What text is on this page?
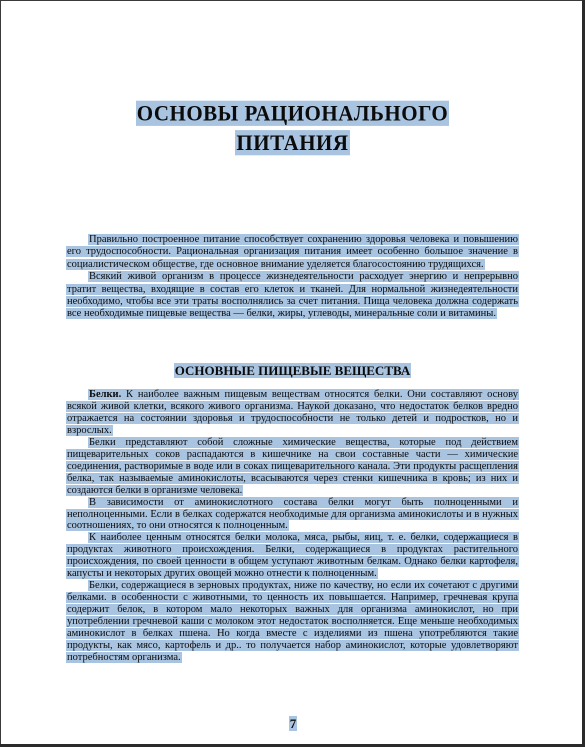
ОСНОВЫ РАЦИОНАЛЬНОГО
ПИТАНИЯ

Правильно построенное питание способствует сохранению здоровья человека и повышению его трудоспособности. Рациональная организация питания имеет особенно большое значение в социалистическом обществе, где основное внимание уделяется благосостоянию трудящихся.

Всякий живой организм в процессе жизнедеятельности расходует энергию и непрерывно тратит вещества, входящие в состав его клеток и тканей. Для нормальной жизнедеятельности необходимо, чтобы все эти траты восполнялись за счет питания. Пища человека должна содержать все необходимые пищевые вещества — белки, жиры, углеводы, минеральные соли и витамины.

ОСНОВНЫЕ ПИЩЕВЫЕ ВЕЩЕСТВА

Белки. К наиболее важным пищевым веществам относятся белки. Они составляют основу всякой живой клетки, всякого живого организма. Наукой доказано, что недостаток белков вредно отражается на состоянии здоровья и трудоспособности не только детей и подростков, но и взрослых.

Белки представляют собой сложные химические вещества, которые под действием пищеварительных соков распадаются в кишечнике на свои составные части — химические соединения, растворимые в воде или в соках пищеварительного канала. Эти продукты расщепления белка, так называемые аминокислоты, всасываются через стенки кишечника в кровь; из них и создаются белки в организме человека.

В зависимости от аминокислотного состава белки могут быть полноценными и неполноценными. Если в белках содержатся необходимые для организма аминокислоты и в нужных соотношениях, то они относятся к полноценным.

К наиболее ценным относятся белки молока, мяса, рыбы, яиц, т. е. белки, содержащиеся в продуктах животного происхождения. Белки, содержащиеся в продуктах растительного происхождения, по своей ценности в общем уступают животным белкам. Однако белки картофеля, капусты и некоторых других овощей можно отнести к полноценным.

Белки, содержащиеся в зерновых продуктах, ниже по качеству, но если их сочетают с другими белками. в особенности с животными, то ценность их повышается. Например, гречневая крупа содержит белок, в котором мало некоторых важных для организма аминокислот, но при употреблении гречневой каши с молоком этот недостаток восполняется. Еще меньше необходимых аминокислот в белках пшена. Но когда вместе с изделиями из пшена употребляются такие продукты, как мясо, картофель и др.. то получается набор аминокислот, которые удовлетворяют потребностям организма.

7
